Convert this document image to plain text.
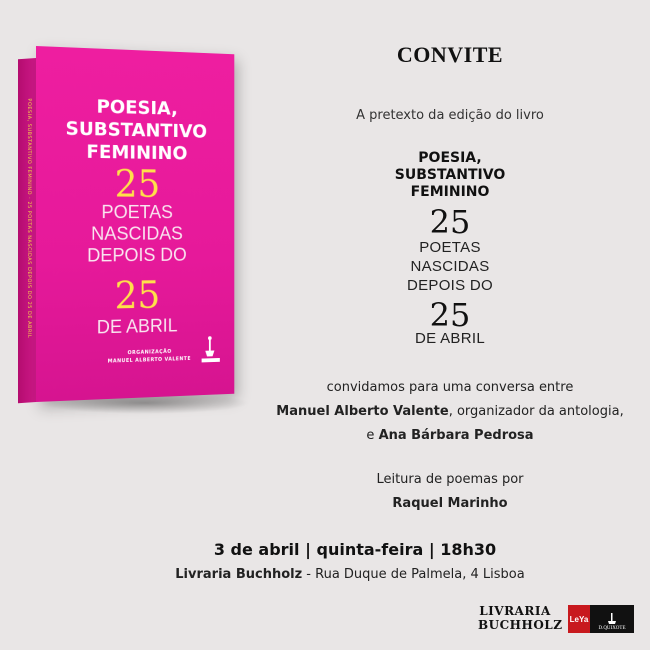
POESIA, SUBSTANTIVO FEMININO · 25 POETAS NASCIDAS DEPOIS DO 25 DE ABRIL	POESIA,
SUBSTANTIVO
FEMININO
25
POETAS
NASCIDAS
DEPOIS DO
25
DE ABRIL
ORGANIZAÇÃO
MANUEL ALBERTO VALENTE
CONVITE
A pretexto da edição do livro
POESIA,
SUBSTANTIVO
FEMININO
25
POETAS
NASCIDAS
DEPOIS DO
25
DE ABRIL
convidamos para uma conversa entre
Manuel Alberto Valente, organizador da antologia,
e Ana Bárbara Pedrosa
Leitura de poemas por
Raquel Marinho
3 de abril | quinta-feira | 18h30
Livraria Buchholz - Rua Duque de Palmela, 4 Lisboa
LIVRARIA
BUCHHOLZ LeYa
D.QUIXOTE
